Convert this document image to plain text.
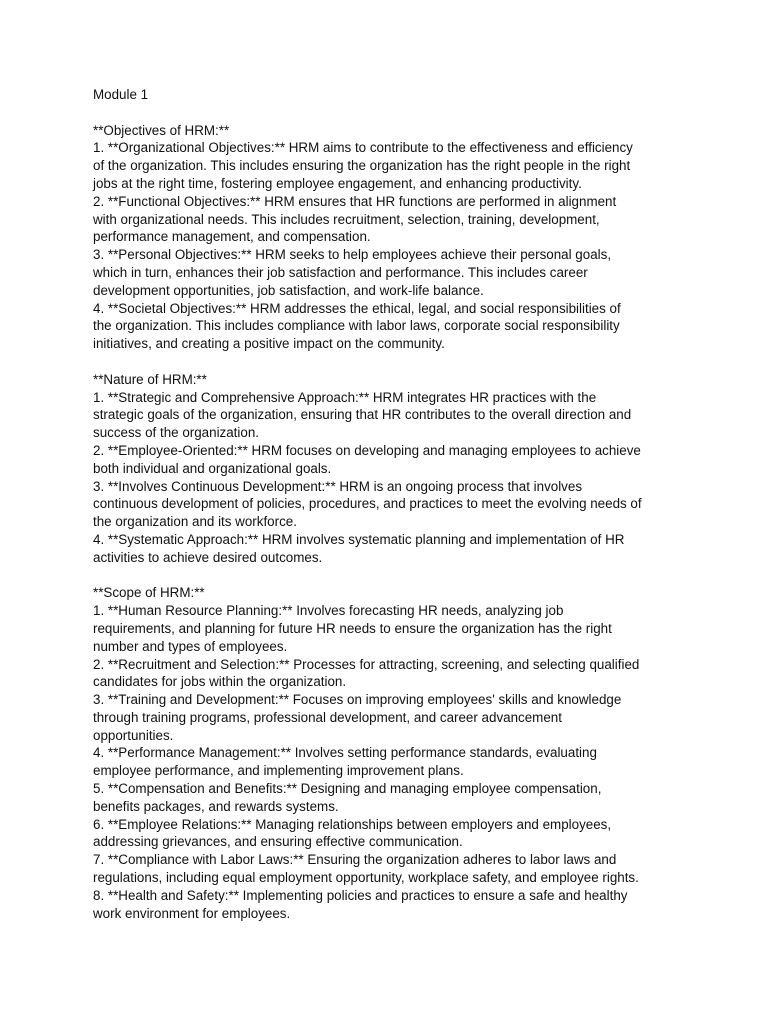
Module 1
**Objectives of HRM:**
1. **Organizational Objectives:** HRM aims to contribute to the effectiveness and efficiency
of the organization. This includes ensuring the organization has the right people in the right
jobs at the right time, fostering employee engagement, and enhancing productivity.
2. **Functional Objectives:** HRM ensures that HR functions are performed in alignment
with organizational needs. This includes recruitment, selection, training, development,
performance management, and compensation.
3. **Personal Objectives:** HRM seeks to help employees achieve their personal goals,
which in turn, enhances their job satisfaction and performance. This includes career
development opportunities, job satisfaction, and work-life balance.
4. **Societal Objectives:** HRM addresses the ethical, legal, and social responsibilities of
the organization. This includes compliance with labor laws, corporate social responsibility
initiatives, and creating a positive impact on the community.
**Nature of HRM:**
1. **Strategic and Comprehensive Approach:** HRM integrates HR practices with the
strategic goals of the organization, ensuring that HR contributes to the overall direction and
success of the organization.
2. **Employee-Oriented:** HRM focuses on developing and managing employees to achieve
both individual and organizational goals.
3. **Involves Continuous Development:** HRM is an ongoing process that involves
continuous development of policies, procedures, and practices to meet the evolving needs of
the organization and its workforce.
4. **Systematic Approach:** HRM involves systematic planning and implementation of HR
activities to achieve desired outcomes.
**Scope of HRM:**
1. **Human Resource Planning:** Involves forecasting HR needs, analyzing job
requirements, and planning for future HR needs to ensure the organization has the right
number and types of employees.
2. **Recruitment and Selection:** Processes for attracting, screening, and selecting qualified
candidates for jobs within the organization.
3. **Training and Development:** Focuses on improving employees' skills and knowledge
through training programs, professional development, and career advancement
opportunities.
4. **Performance Management:** Involves setting performance standards, evaluating
employee performance, and implementing improvement plans.
5. **Compensation and Benefits:** Designing and managing employee compensation,
benefits packages, and rewards systems.
6. **Employee Relations:** Managing relationships between employers and employees,
addressing grievances, and ensuring effective communication.
7. **Compliance with Labor Laws:** Ensuring the organization adheres to labor laws and
regulations, including equal employment opportunity, workplace safety, and employee rights.
8. **Health and Safety:** Implementing policies and practices to ensure a safe and healthy
work environment for employees.
